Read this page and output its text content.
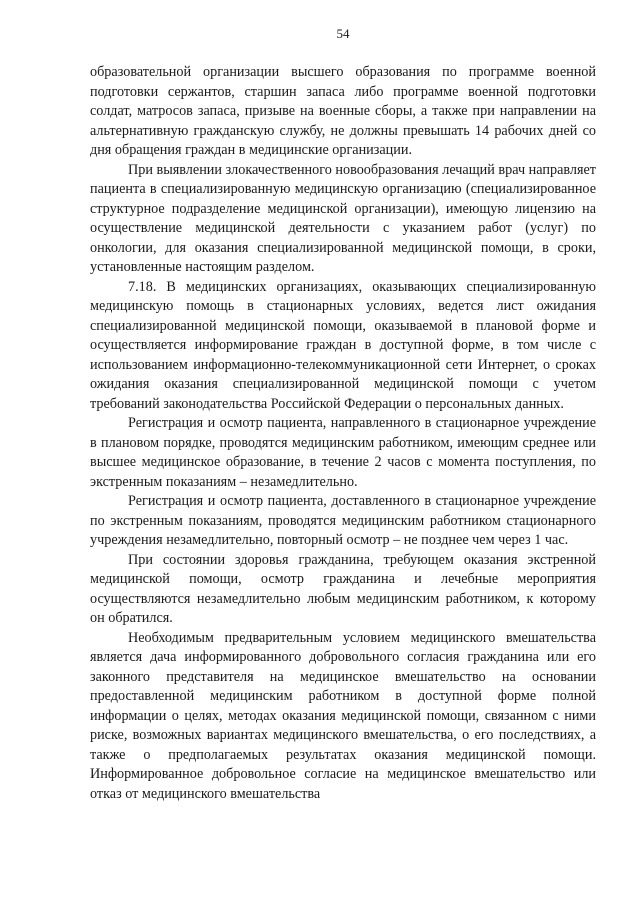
54

образовательной организации высшего образования по программе военной подготовки сержантов, старшин запаса либо программе военной подготовки солдат, матросов запаса, призыве на военные сборы, а также при направлении на альтернативную гражданскую службу, не должны превышать 14 рабочих дней со дня обращения граждан в медицинские организации.

При выявлении злокачественного новообразования лечащий врач направляет пациента в специализированную медицинскую организацию (специализированное структурное подразделение медицинской организации), имеющую лицензию на осуществление медицинской деятельности с указанием работ (услуг) по онкологии, для оказания специализированной медицинской помощи, в сроки, установленные настоящим разделом.

7.18. В медицинских организациях, оказывающих специализированную медицинскую помощь в стационарных условиях, ведется лист ожидания специализированной медицинской помощи, оказываемой в плановой форме и осуществляется информирование граждан в доступной форме, в том числе с использованием информационно-телекоммуникационной сети Интернет, о сроках ожидания оказания специализированной медицинской помощи с учетом требований законодательства Российской Федерации о персональных данных.

Регистрация и осмотр пациента, направленного в стационарное учреждение в плановом порядке, проводятся медицинским работником, имеющим среднее или высшее медицинское образование, в течение 2 часов с момента поступления, по экстренным показаниям – незамедлительно.

Регистрация и осмотр пациента, доставленного в стационарное учреждение по экстренным показаниям, проводятся медицинским работником стационарного учреждения незамедлительно, повторный осмотр – не позднее чем через 1 час.

При состоянии здоровья гражданина, требующем оказания экстренной медицинской помощи, осмотр гражданина и лечебные мероприятия осуществляются незамедлительно любым медицинским работником, к которому он обратился.

Необходимым предварительным условием медицинского вмешательства является дача информированного добровольного согласия гражданина или его законного представителя на медицинское вмешательство на основании предоставленной медицинским работником в доступной форме полной информации о целях, методах оказания медицинской помощи, связанном с ними риске, возможных вариантах медицинского вмешательства, о его последствиях, а также о предполагаемых результатах оказания медицинской помощи. Информированное добровольное согласие на медицинское вмешательство или отказ от медицинского вмешательства
